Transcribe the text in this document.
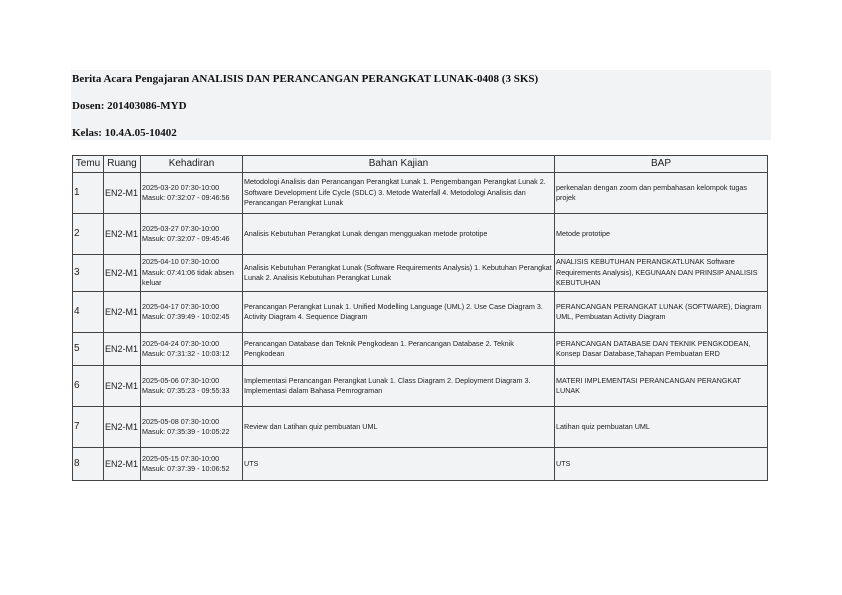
Berita Acara Pengajaran ANALISIS DAN PERANCANGAN PERANGKAT LUNAK-0408 (3 SKS)
Dosen: 201403086-MYD
Kelas: 10.4A.05-10402
Temu	Ruang	Kehadiran	Bahan Kajian	BAP
1	EN2-M1	2025-03-20 07:30-10:00 Masuk: 07:32:07 - 09:46:56	Metodologi Analisis dan Perancangan Perangkat Lunak 1. Pengembangan Perangkat Lunak 2. Software Development Life Cycle (SDLC) 3. Metode Waterfall 4. Metodologi Analisis dan Perancangan Perangkat Lunak	perkenalan dengan zoom dan pembahasan kelompok tugas projek
2	EN2-M1	2025-03-27 07:30-10:00 Masuk: 07:32:07 - 09:45:46	Analisis Kebutuhan Perangkat Lunak dengan mengguakan metode prototipe	Metode prototipe
3	EN2-M1	2025-04-10 07:30-10:00 Masuk: 07:41:06 tidak absen keluar	Analisis Kebutuhan Perangkat Lunak (Software Requirements Analysis) 1. Kebutuhan Perangkat Lunak 2. Analisis Kebutuhan Perangkat Lunak	ANALISIS KEBUTUHAN PERANGKATLUNAK Software Requirements Analysis), KEGUNAAN DAN PRINSIP ANALISIS KEBUTUHAN
4	EN2-M1	2025-04-17 07:30-10:00 Masuk: 07:39:49 - 10:02:45	Perancangan Perangkat Lunak 1. Unified Modelling Language (UML) 2. Use Case Diagram 3. Activity Diagram 4. Sequence Diagram	PERANCANGAN PERANGKAT LUNAK (SOFTWARE), Diagram UML, Pembuatan Activity Diagram
5	EN2-M1	2025-04-24 07:30-10:00 Masuk: 07:31:32 - 10:03:12	Perancangan Database dan Teknik Pengkodean 1. Perancangan Database 2. Teknik Pengkodean	PERANCANGAN DATABASE DAN TEKNIK PENGKODEAN, Konsep Dasar Database,Tahapan Pembuatan ERD
6	EN2-M1	2025-05-06 07:30-10:00 Masuk: 07:35:23 - 09:55:33	Implementasi Perancangan Perangkat Lunak 1. Class Diagram 2. Deployment Diagram 3. Implementasi dalam Bahasa Pemrograman	MATERI IMPLEMENTASI PERANCANGAN PERANGKAT LUNAK
7	EN2-M1	2025-05-08 07:30-10:00 Masuk: 07:35:39 - 10:05:22	Review dan Latihan quiz pembuatan UML	Latihan quiz pembuatan UML
8	EN2-M1	2025-05-15 07:30-10:00 Masuk: 07:37:39 - 10:06:52	UTS	UTS
